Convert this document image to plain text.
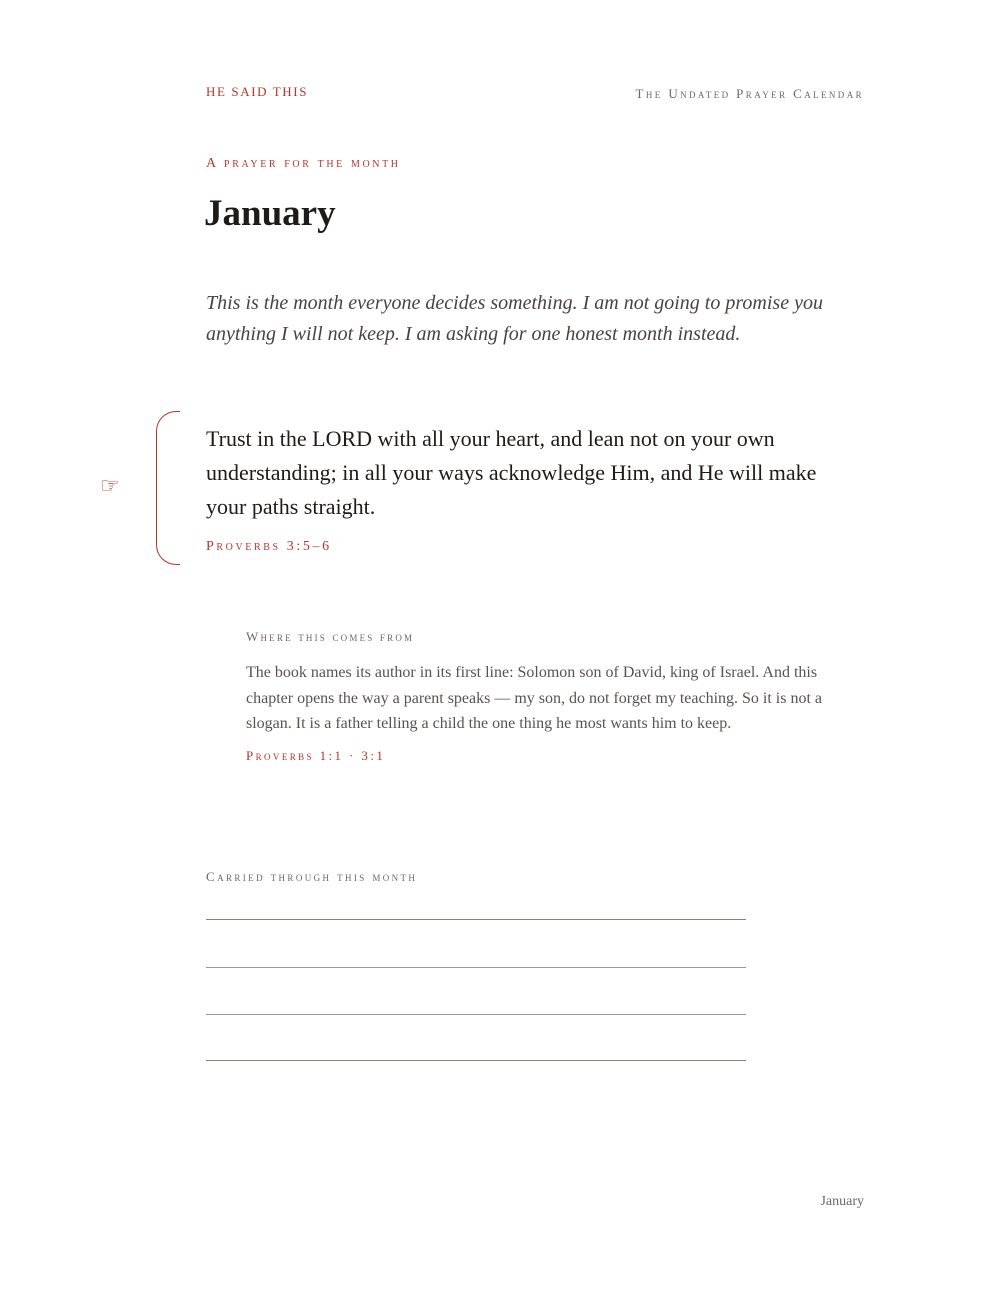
HE SAID THIS	The Undated Prayer Calendar
A prayer for the month
January

This is the month everyone decides something. I am not going to promise you anything I will not keep. I am asking for one honest month instead.

☞

Trust in the LORD with all your heart, and lean not on your own understanding; in all your ways acknowledge Him, and He will make your paths straight.

Proverbs 3:5–6
Where this comes from

The book names its author in its first line: Solomon son of David, king of Israel. And this chapter opens the way a parent speaks — my son, do not forget my teaching. So it is not a slogan. It is a father telling a child the one thing he most wants him to keep.

Proverbs 1:1 · 3:1
Carried through this month
January
